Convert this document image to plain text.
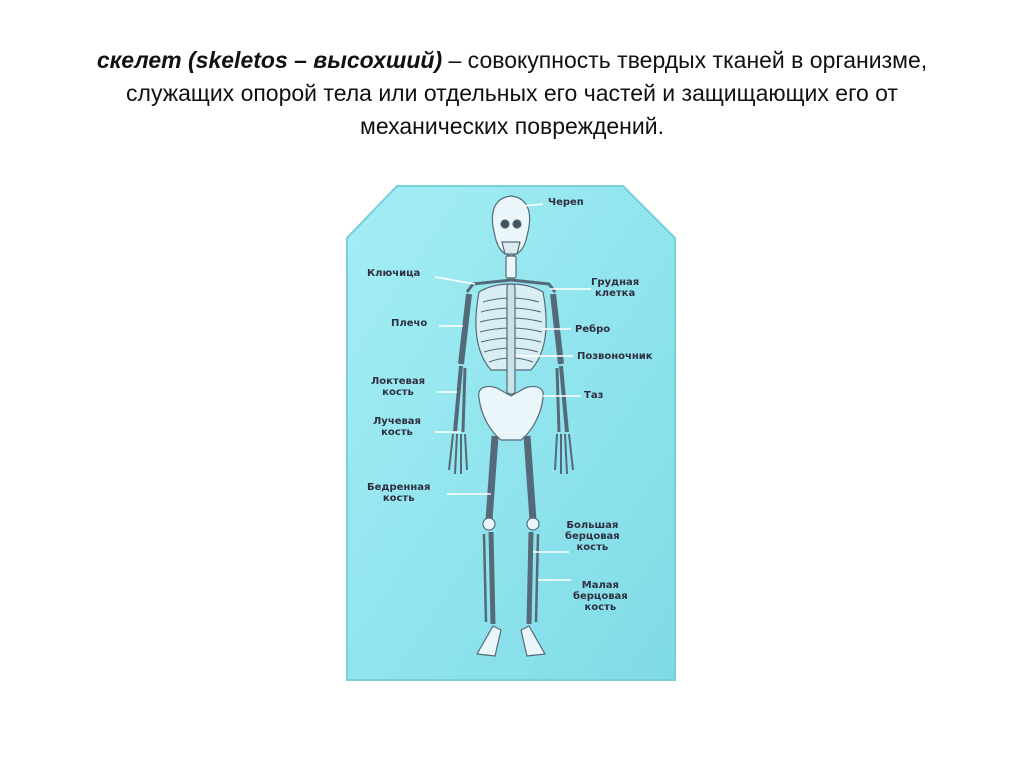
скелет (skeletos – высохший) – совокупность твердых тканей в организме, служащих опорой тела или отдельных его частей и защищающих его от механических повреждений.

Череп
Ключица
Грудная
клетка
Плечо
Ребро
Позвоночник
Локтевая
кость	Таз
Лучевая
кость
Бедренная
кость
Большая
берцовая
кость
Малая
берцовая
кость
